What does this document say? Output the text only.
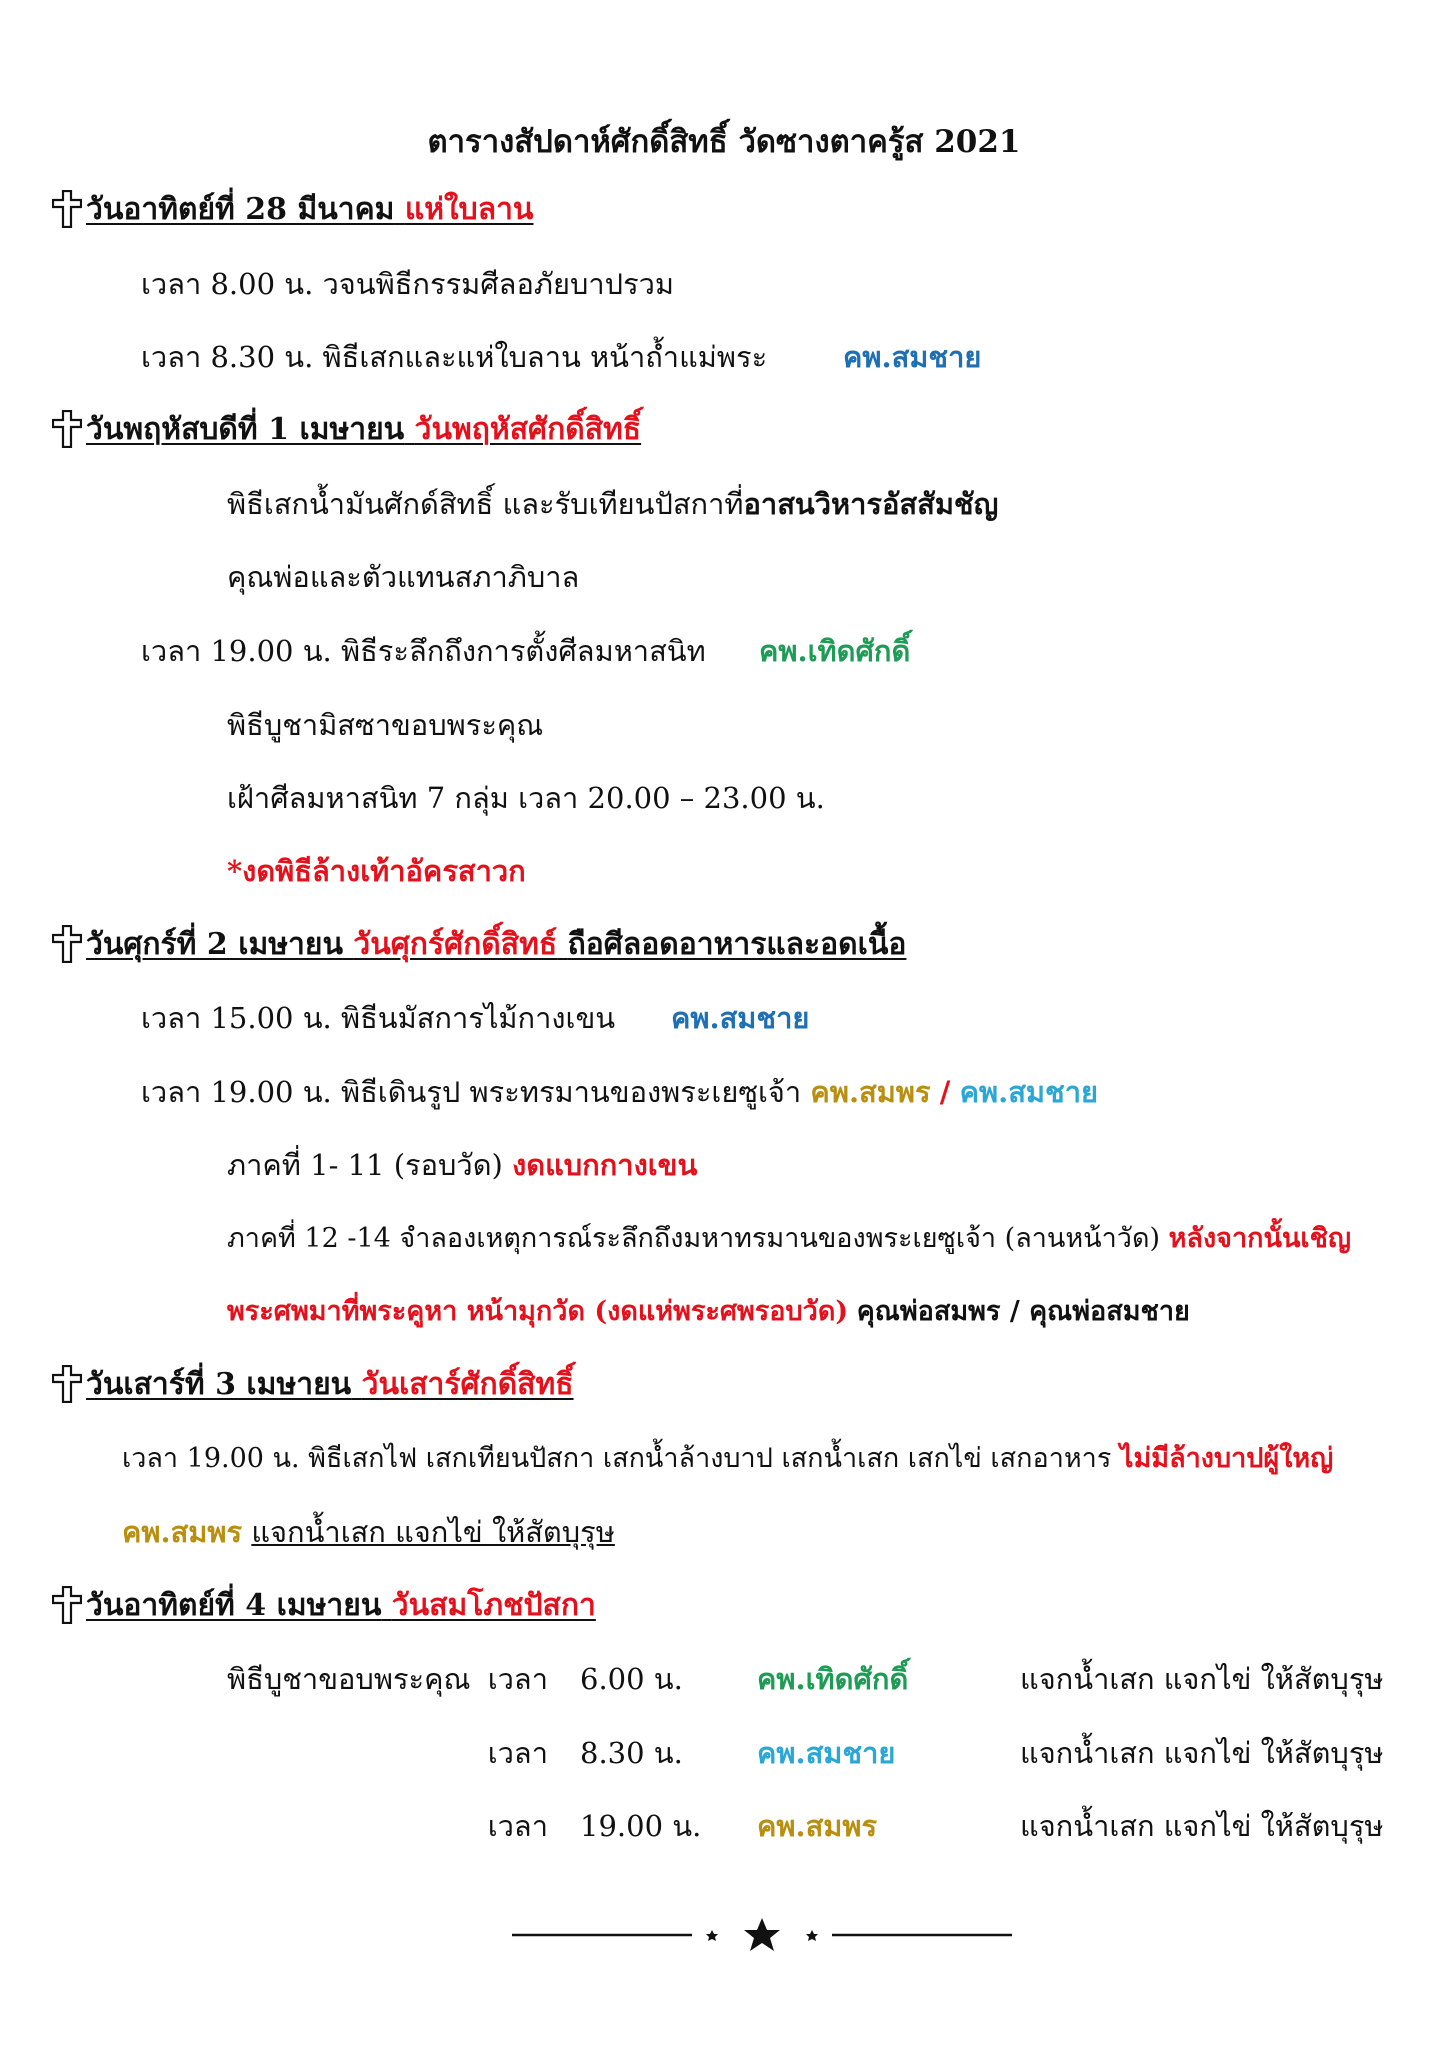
ตารางสัปดาห์ศักดิ์สิทธิ์ วัดซางตาครู้ส 2021
วันอาทิตย์ที่ 28 มีนาคม แห่ใบลาน
เวลา 8.00 น. วจนพิธีกรรมศีลอภัยบาปรวม
เวลา 8.30 น. พิธีเสกและแห่ใบลาน หน้าถ้ำแม่พระ	คพ.สมชาย
วันพฤหัสบดีที่ 1 เมษายน วันพฤหัสศักดิ์สิทธิ์
พิธีเสกน้ำมันศักด์สิทธิ์ และรับเทียนปัสกาที่อาสนวิหารอัสสัมชัญ
คุณพ่อและตัวแทนสภาภิบาล
เวลา 19.00 น. พิธีระลึกถึงการตั้งศีลมหาสนิท คพ.เทิดศักดิ์
พิธีบูชามิสซาขอบพระคุณ
เฝ้าศีลมหาสนิท 7 กลุ่ม เวลา 20.00 – 23.00 น.
*งดพิธีล้างเท้าอัครสาวก
วันศุกร์ที่ 2 เมษายน วันศุกร์ศักดิ์สิทธ์ ถือศีลอดอาหารและอดเนื้อ
เวลา 15.00 น. พิธีนมัสการไม้กางเขน คพ.สมชาย
เวลา 19.00 น. พิธีเดินรูป พระทรมานของพระเยซูเจ้า คพ.สมพร / คพ.สมชาย
ภาคที่ 1- 11 (รอบวัด) งดแบกกางเขน
ภาคที่ 12 -14 จำลองเหตุการณ์ระลึกถึงมหาทรมานของพระเยซูเจ้า (ลานหน้าวัด) หลังจากนั้นเชิญ
พระศพมาที่พระคูหา หน้ามุกวัด (งดแห่พระศพรอบวัด) คุณพ่อสมพร / คุณพ่อสมชาย
วันเสาร์ที่ 3 เมษายน วันเสาร์ศักดิ์สิทธิ์
เวลา 19.00 น. พิธีเสกไฟ เสกเทียนปัสกา เสกน้ำล้างบาป เสกน้ำเสก เสกไข่ เสกอาหาร ไม่มีล้างบาปผู้ใหญ่
คพ.สมพร แจกน้ำเสก แจกไข่ ให้สัตบุรุษ
วันอาทิตย์ที่ 4 เมษายน วันสมโภชปัสกา
พิธีบูชาขอบพระคุณ เวลา 6.00 น.	คพ.เทิดศักดิ์	แจกน้ำเสก แจกไข่ ให้สัตบุรุษ
เวลา 8.30 น.	คพ.สมชาย	แจกน้ำเสก แจกไข่ ให้สัตบุรุษ
เวลา 19.00 น. คพ.สมพร	แจกน้ำเสก แจกไข่ ให้สัตบุรุษ
